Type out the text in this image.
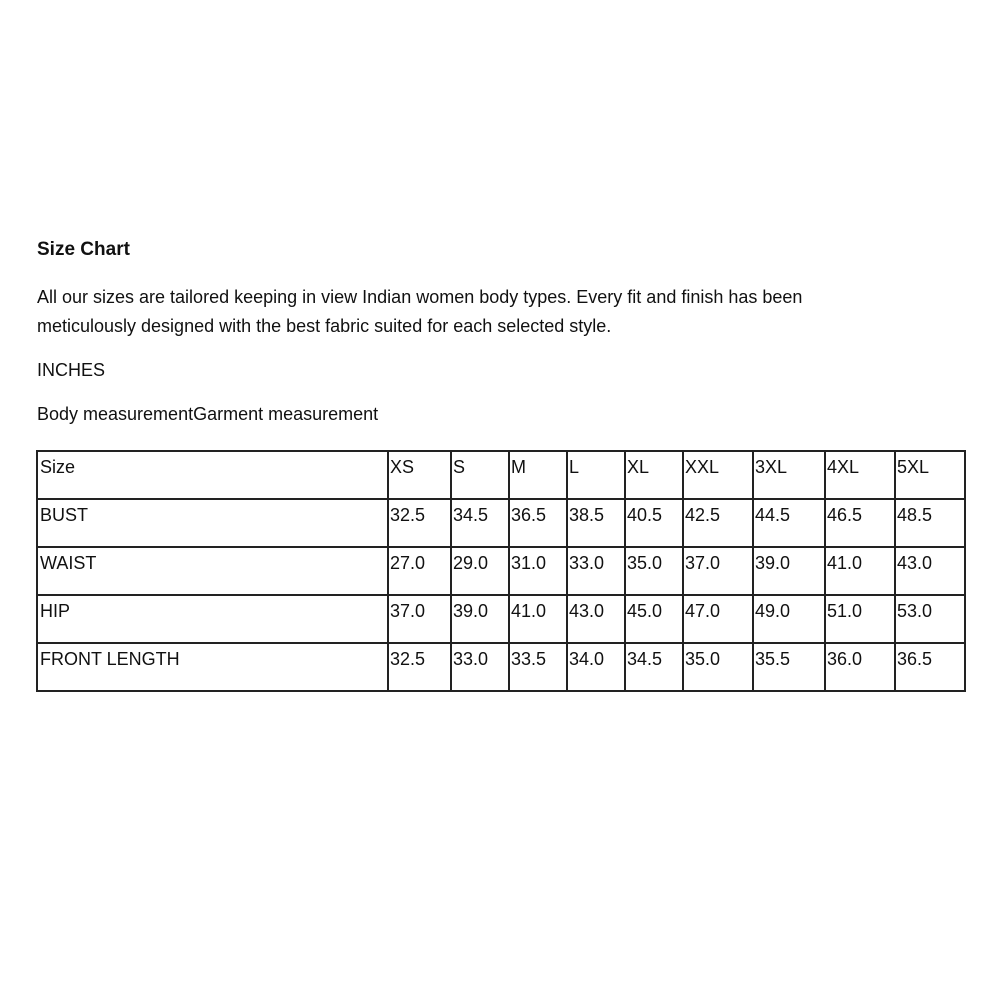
Size Chart

All our sizes are tailored keeping in view Indian women body types. Every fit and finish has been
meticulously designed with the best fabric suited for each selected style.

INCHES

Body measurementGarment measurement

Size	XS	S	M	L	XL	XXL	3XL	4XL	5XL
BUST	32.5	34.5	36.5	38.5	40.5	42.5	44.5	46.5	48.5
WAIST	27.0	29.0	31.0	33.0	35.0	37.0	39.0	41.0	43.0
HIP	37.0	39.0	41.0	43.0	45.0	47.0	49.0	51.0	53.0
FRONT LENGTH	32.5	33.0	33.5	34.0	34.5	35.0	35.5	36.0	36.5
